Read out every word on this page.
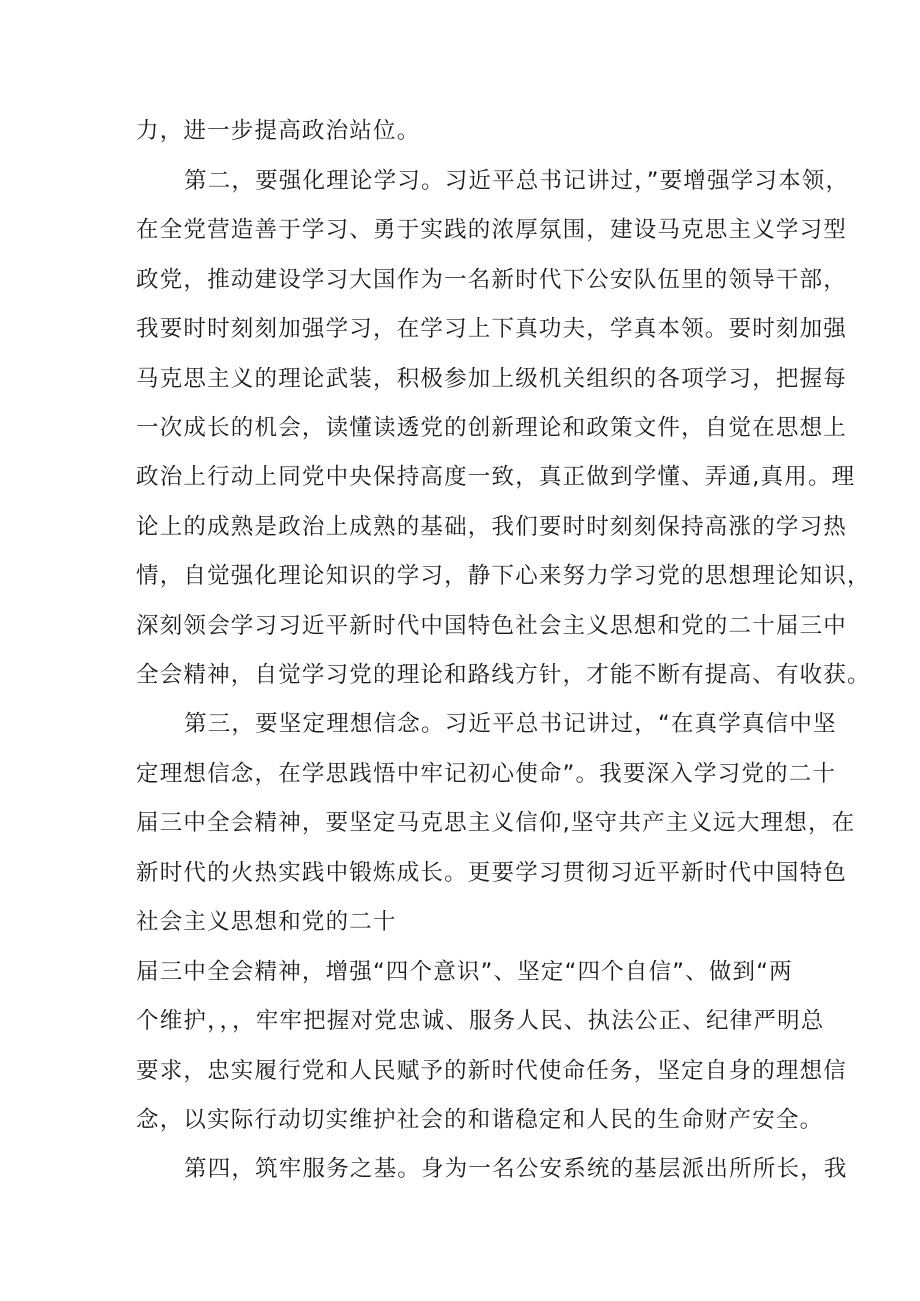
力，进一步提高政治站位。
第二，要强化理论学习。习近平总书记讲过，”要增强学习本领，
在全党营造善于学习、勇于实践的浓厚氛围，建设马克思主义学习型
政党，推动建设学习大国作为一名新时代下公安队伍里的领导干部，
我要时时刻刻加强学习，在学习上下真功夫，学真本领。要时刻加强
马克思主义的理论武装，积极参加上级机关组织的各项学习，把握每
一次成长的机会，读懂读透党的创新理论和政策文件，自觉在思想上
政治上行动上同党中央保持高度一致，真正做到学懂、弄通,真用。理
论上的成熟是政治上成熟的基础，我们要时时刻刻保持高涨的学习热
情，自觉强化理论知识的学习，静下心来努力学习党的思想理论知识，
深刻领会学习习近平新时代中国特色社会主义思想和党的二十届三中
全会精神，自觉学习党的理论和路线方针，才能不断有提高、有收获。
第三，要坚定理想信念。习近平总书记讲过，“在真学真信中坚
定理想信念，在学思践悟中牢记初心使命”。我要深入学习党的二十
届三中全会精神，要坚定马克思主义信仰,坚守共产主义远大理想，在
新时代的火热实践中锻炼成长。更要学习贯彻习近平新时代中国特色
社会主义思想和党的二十
届三中全会精神，增强“四个意识”、坚定“四个自信”、做到“两
个维护，，，牢牢把握对党忠诚、服务人民、执法公正、纪律严明总
要求，忠实履行党和人民赋予的新时代使命任务，坚定自身的理想信
念，以实际行动切实维护社会的和谐稳定和人民的生命财产安全。
第四，筑牢服务之基。身为一名公安系统的基层派出所所长，我
